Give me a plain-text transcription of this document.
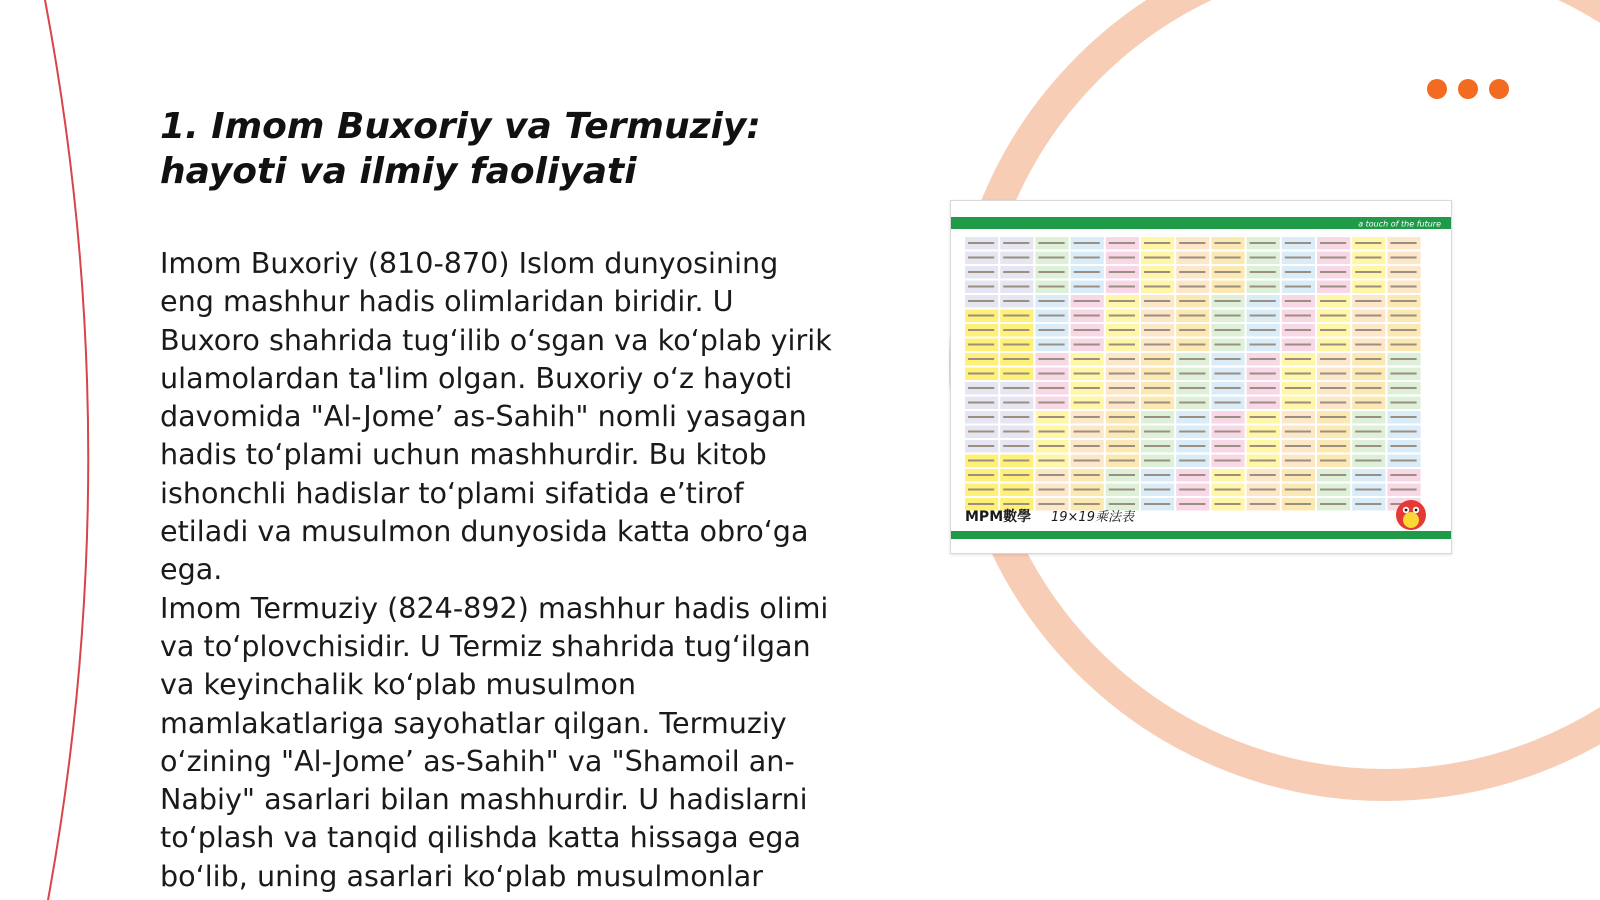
1. Imom Buxoriy va Termuziy: hayoti va ilmiy faoliyati

Imom Buxoriy (810-870) Islom dunyosining eng mashhur hadis olimlaridan biridir. U Buxoro shahrida tug‘ilib o‘sgan va ko‘plab yirik ulamolardan ta'lim olgan. Buxoriy o‘z hayoti davomida "Al-Jome’ as-Sahih" nomli yasagan hadis to‘plami uchun mashhurdir. Bu kitob ishonchli hadislar to‘plami sifatida e’tirof etiladi va musulmon dunyosida katta obro‘ga ega.

Imom Termuziy (824-892) mashhur hadis olimi va to‘plovchisidir. U Termiz shahrida tug‘ilgan va keyinchalik ko‘plab musulmon mamlakatlariga sayohatlar qilgan. Termuziy o‘zining "Al-Jome’ as-Sahih" va "Shamoil an-Nabiy" asarlari bilan mashhurdir. U hadislarni to‘plash va tanqid qilishda katta hissaga ega bo‘lib, uning asarlari ko‘plab musulmonlar

a touch of the future
MPM數學 19×19乘法表
